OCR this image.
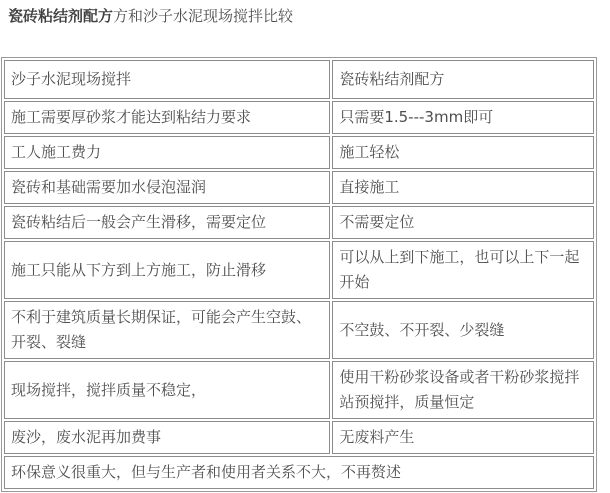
瓷砖粘结剂配方方和沙子水泥现场搅拌比较
沙子水泥现场搅拌	瓷砖粘结剂配方
施工需要厚砂浆才能达到粘结力要求	只需要1.5---3mm即可
工人施工费力	施工轻松
瓷砖和基础需要加水侵泡湿润	直接施工
瓷砖粘结后一般会产生滑移，需要定位	不需要定位
施工只能从下方到上方施工，防止滑移	可以从上到下施工，也可以上下一起开始
不利于建筑质量长期保证，可能会产生空鼓、开裂、裂缝	不空鼓、不开裂、少裂缝
现场搅拌，搅拌质量不稳定，	使用干粉砂浆设备或者干粉砂浆搅拌站预搅拌，质量恒定
废沙，废水泥再加费事	无废料产生
环保意义很重大，但与生产者和使用者关系不大，不再赘述	
